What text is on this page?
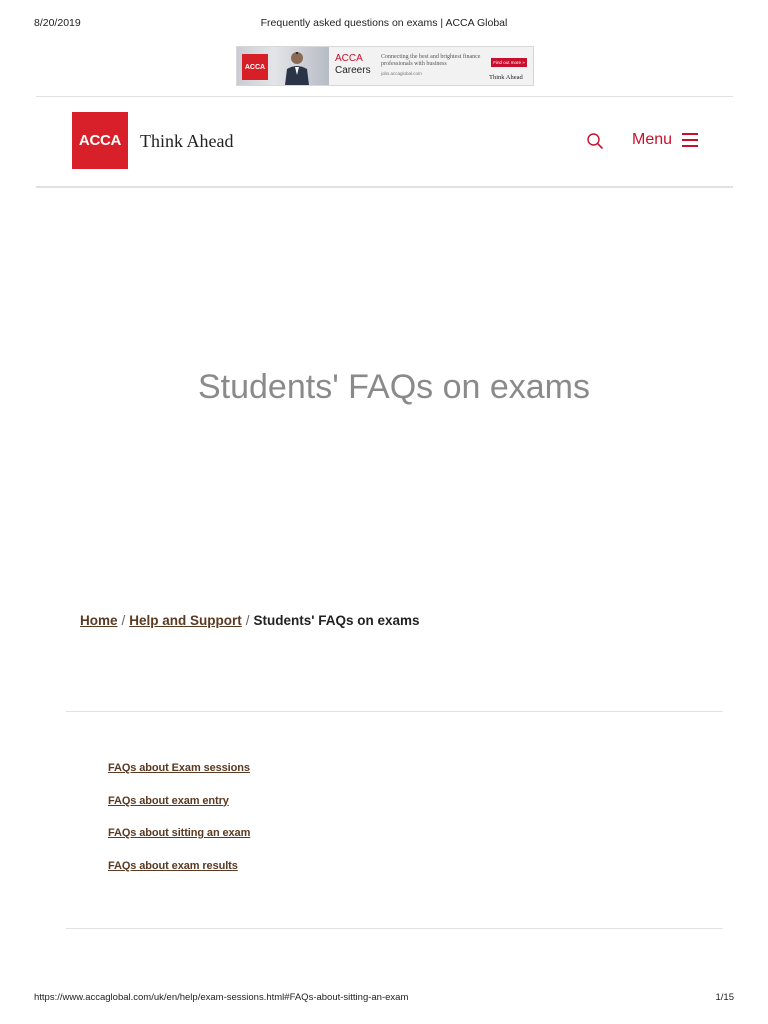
8/20/2019	Frequently asked questions on exams | ACCA Global
ACCA
ACCA
Careers
Connecting the best and brightest finance professionals with business
jobs.accaglobal.com
Find out more »
Think Ahead
ACCA	Think Ahead	Menu
Students' FAQs on exams
Home / Help and Support / Students' FAQs on exams
FAQs about Exam sessions
FAQs about exam entry
FAQs about sitting an exam
FAQs about exam results
https://www.accaglobal.com/uk/en/help/exam-sessions.html#FAQs-about-sitting-an-exam	1/15
